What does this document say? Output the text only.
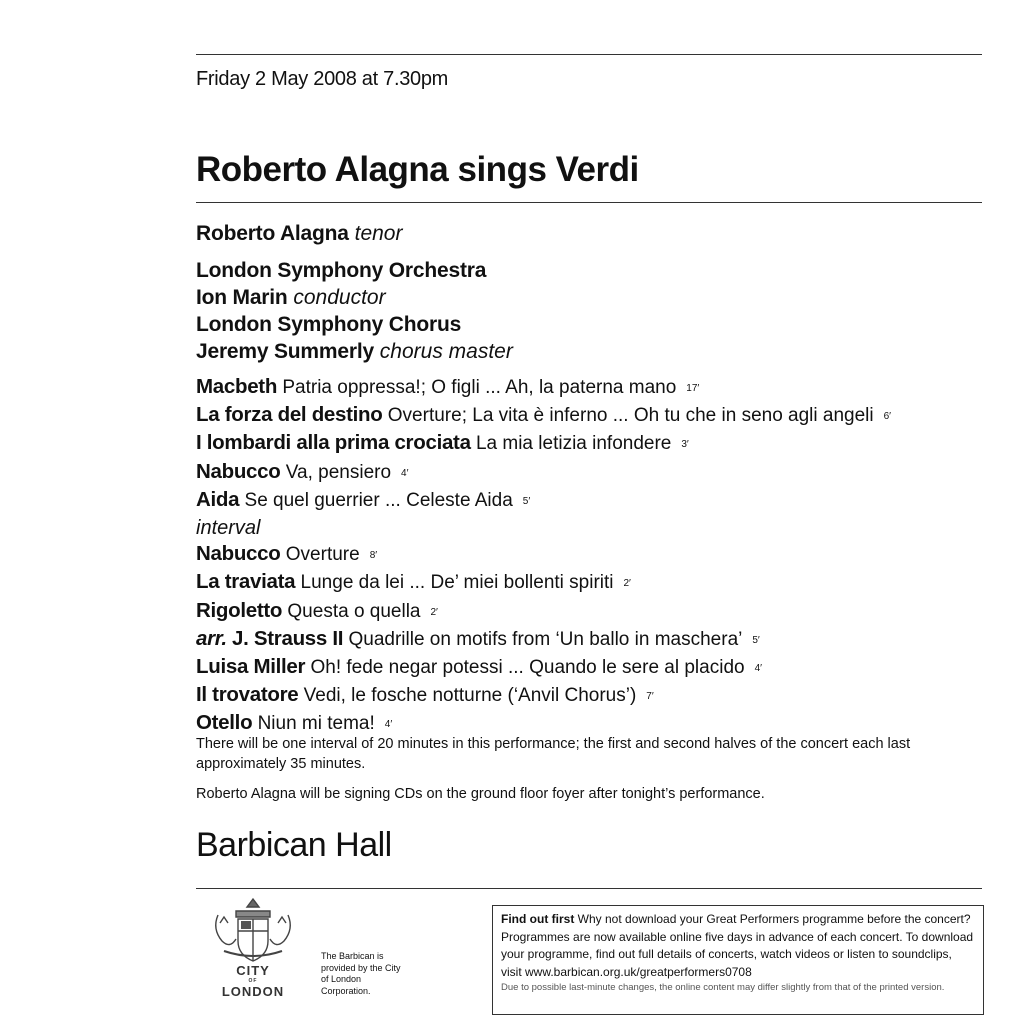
Friday 2 May 2008 at 7.30pm
Roberto Alagna sings Verdi
Roberto Alagna tenor
London Symphony Orchestra
Ion Marin conductor
London Symphony Chorus
Jeremy Summerly chorus master
Macbeth Patria oppressa!; O figli ... Ah, la paterna mano 17′
La forza del destino Overture; La vita è inferno ... Oh tu che in seno agli angeli 6′
I lombardi alla prima crociata La mia letizia infondere 3′
Nabucco Va, pensiero 4′
Aida Se quel guerrier ... Celeste Aida 5′
interval
Nabucco Overture 8′
La traviata Lunge da lei ... De’ miei bollenti spiriti 2′
Rigoletto Questa o quella 2′
arr. J. Strauss II Quadrille on motifs from ‘Un ballo in maschera’ 5′
Luisa Miller Oh! fede negar potessi ... Quando le sere al placido 4′
Il trovatore Vedi, le fosche notturne (‘Anvil Chorus’) 7′
Otello Niun mi tema! 4′

There will be one interval of 20 minutes in this performance; the first and second halves of the concert each last approximately 35 minutes.

Roberto Alagna will be signing CDs on the ground floor foyer after tonight’s performance.

Barbican Hall
CITY
OF
LONDON
The Barbican is provided by the City of London Corporation.
Find out first Why not download your Great Performers programme before the concert? Programmes are now available online five days in advance of each concert. To download your programme, find out full details of concerts, watch videos or listen to soundclips, visit www.barbican.org.uk/greatperformers0708
Due to possible last-minute changes, the online content may differ slightly from that of the printed version.
